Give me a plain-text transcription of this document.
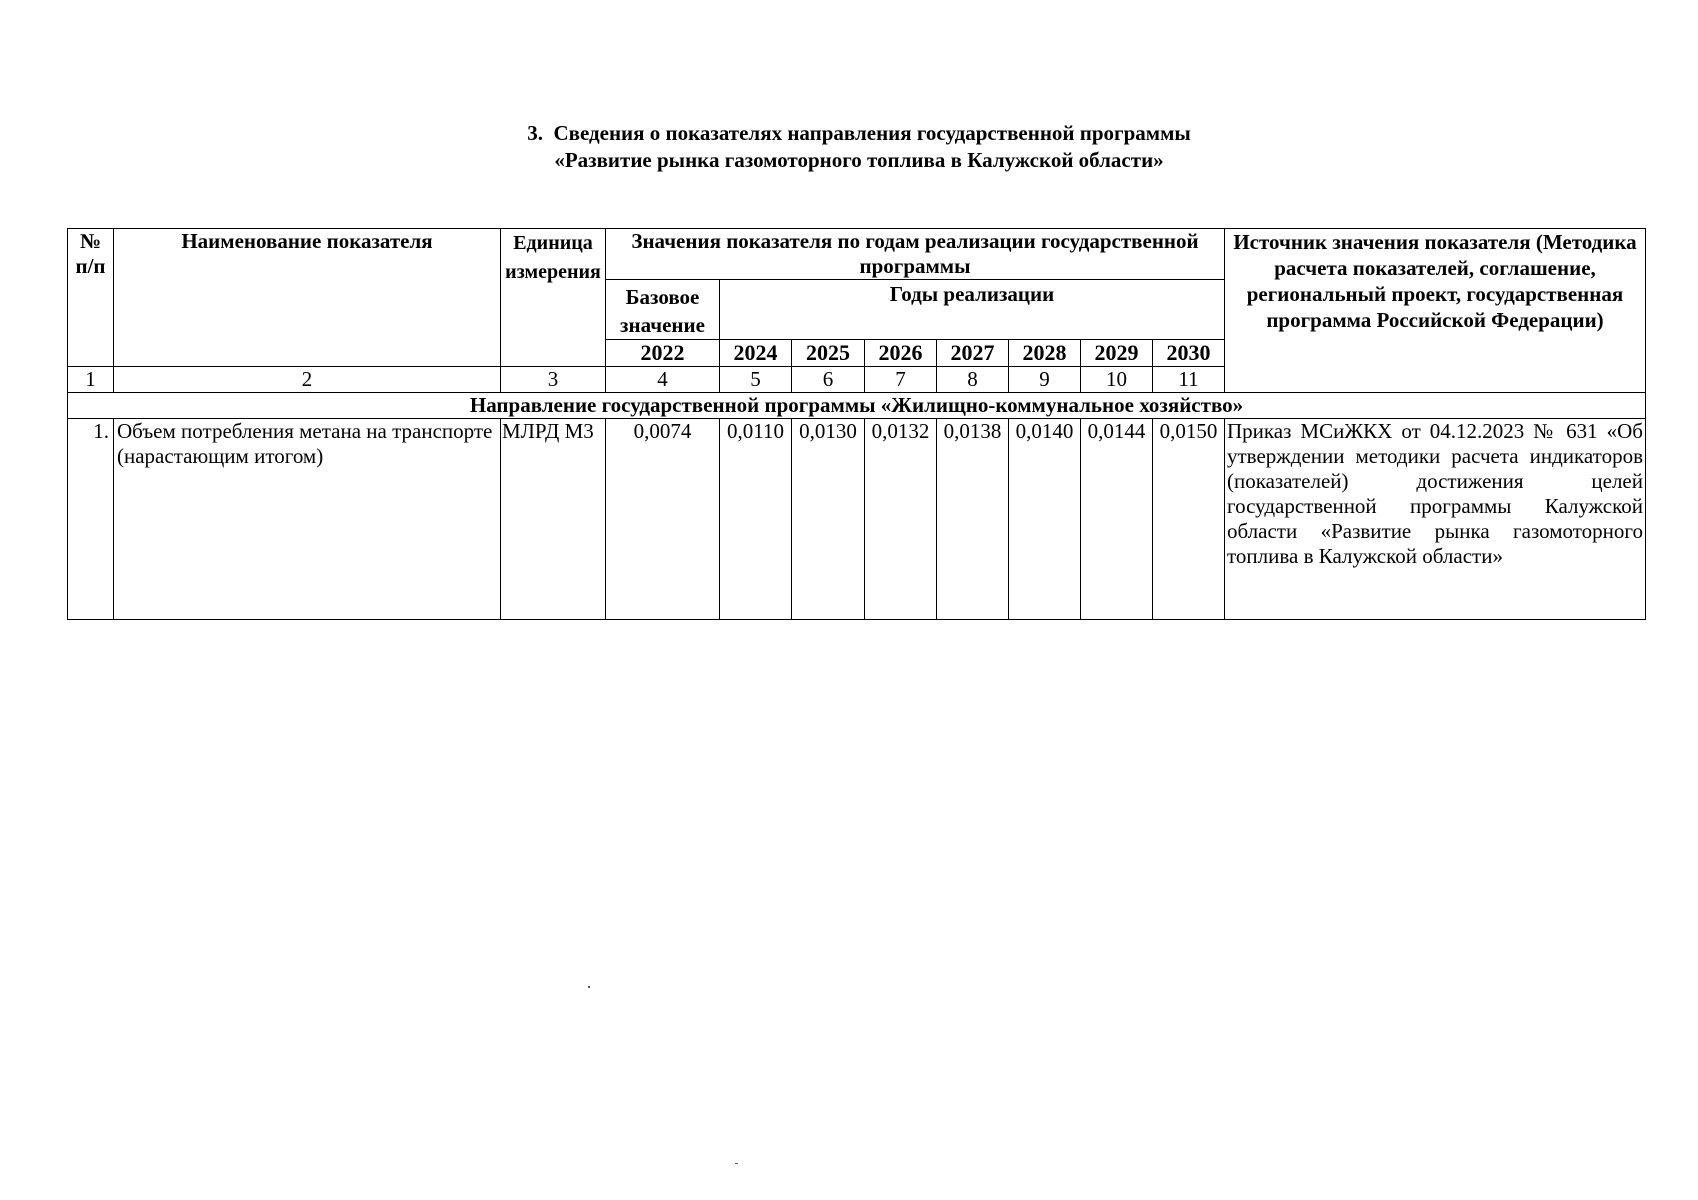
3. Сведения о показателях направления государственной программы
«Развитие рынка газомоторного топлива в Калужской области»
№ п/п	Наименование показателя	Единица измерения	Значения показателя по годам реализации государственной программы								Источник значения показателя (Методика расчета показателей, соглашение, региональный проект, государственная программа Российской Федерации)
			Базовое значение	Годы реализации							
			2022	2024	2025	2026	2027	2028	2029	2030	
1	2	3	4	5	6	7	8	9	10	11	
Направление государственной программы «Жилищно-коммунальное хозяйство»											
1.	Объем потребления метана на транспорте (нарастающим итогом)	МЛРД М3	0,0074	0,0110	0,0130	0,0132	0,0138	0,0140	0,0144	0,0150	Приказ МСиЖКХ от 04.12.2023 № 631 «Об утверждении методики расчета индикаторов (показателей) достижения целей государственной программы Калужской области «Развитие рынка газомоторного топлива в Калужской области»
